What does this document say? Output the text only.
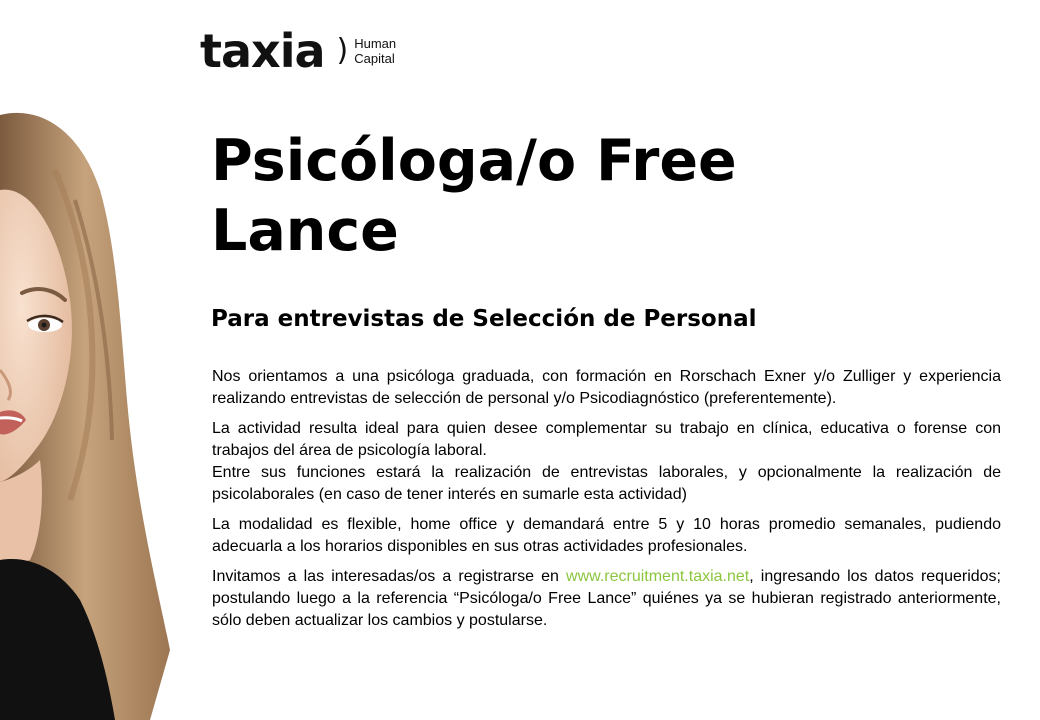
taxia ) Human
Capital
Psicóloga/o Free Lance
Para entrevistas de Selección de Personal

Nos orientamos a una psicóloga graduada, con formación en Rorschach Exner y/o Zulliger y experiencia realizando entrevistas de selección de personal y/o Psicodiagnóstico (preferentemente).

La actividad resulta ideal para quien desee complementar su trabajo en clínica, educativa o forense con trabajos del área de psicología laboral.

Entre sus funciones estará la realización de entrevistas laborales, y opcionalmente la realización de psicolaborales (en caso de tener interés en sumarle esta actividad)

La modalidad es flexible, home office y demandará entre 5 y 10 horas promedio semanales, pudiendo adecuarla a los horarios disponibles en sus otras actividades profesionales.

Invitamos a las interesadas/os a registrarse en www.recruitment.taxia.net, ingresando los datos requeridos; postulando luego a la referencia “Psicóloga/o Free Lance” quiénes ya se hubieran registrado anteriormente, sólo deben actualizar los cambios y postularse.
